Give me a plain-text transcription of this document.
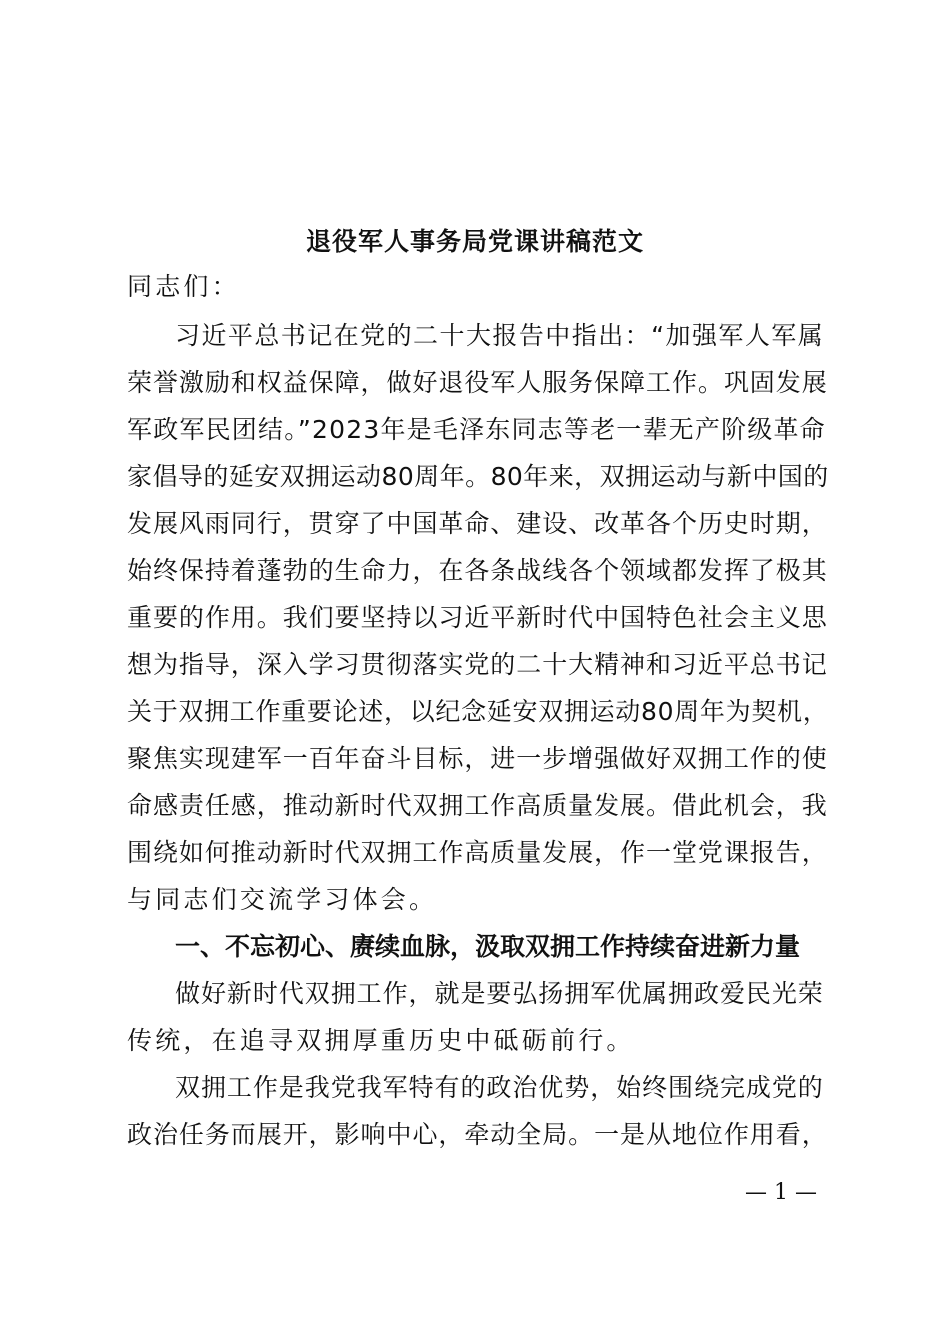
退役军人事务局党课讲稿范文
同志们：
习近平总书记在党的二十大报告中指出：“加强军人军属
荣誉激励和权益保障，做好退役军人服务保障工作。巩固发展
军政军民团结。”2023年是毛泽东同志等老一辈无产阶级革命
家倡导的延安双拥运动80周年。80年来，双拥运动与新中国的
发展风雨同行，贯穿了中国革命、建设、改革各个历史时期，
始终保持着蓬勃的生命力，在各条战线各个领域都发挥了极其
重要的作用。我们要坚持以习近平新时代中国特色社会主义思
想为指导，深入学习贯彻落实党的二十大精神和习近平总书记
关于双拥工作重要论述，以纪念延安双拥运动80周年为契机，
聚焦实现建军一百年奋斗目标，进一步增强做好双拥工作的使
命感责任感，推动新时代双拥工作高质量发展。借此机会，我
围绕如何推动新时代双拥工作高质量发展，作一堂党课报告，
与同志们交流学习体会。
一、不忘初心、赓续血脉，汲取双拥工作持续奋进新力量
做好新时代双拥工作，就是要弘扬拥军优属拥政爱民光荣
传统，在追寻双拥厚重历史中砥砺前行。
双拥工作是我党我军特有的政治优势，始终围绕完成党的
政治任务而展开，影响中心，牵动全局。一是从地位作用看，
— 1 —
